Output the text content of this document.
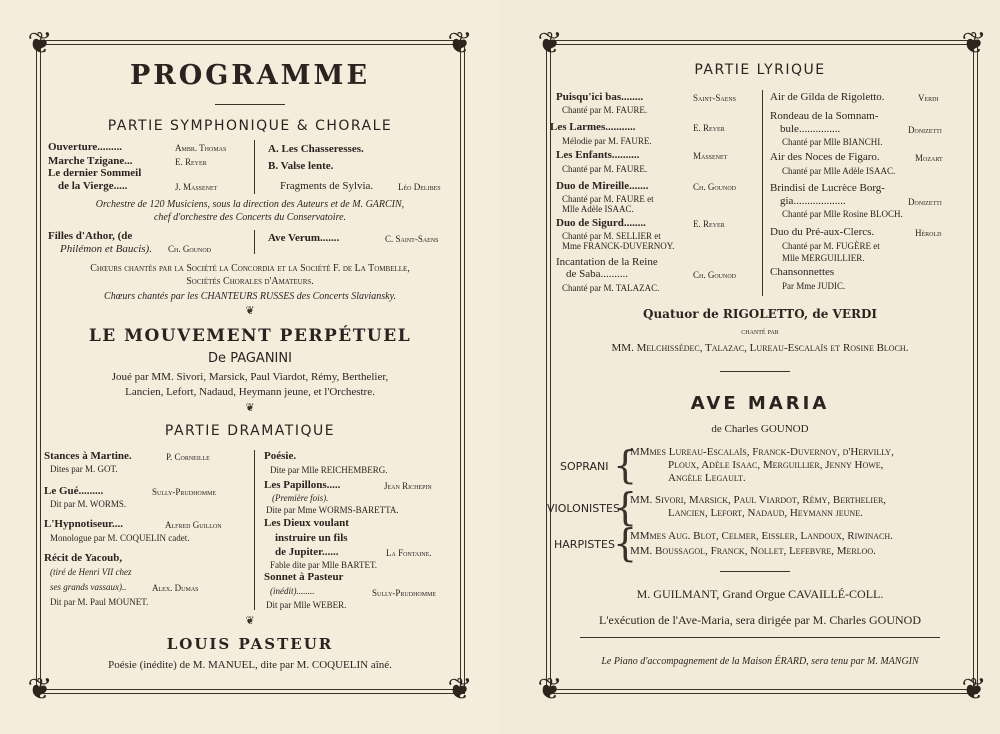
❦	❦
❦	❦
PROGRAMME
PARTIE SYMPHONIQUE & CHORALE
Ouverture.........	Ambr. Thomas
Marche Tzigane...	E. Reyer
Le dernier Sommeil
de la Vierge.....	J. Massenet
A. Les Chasseresses.
B. Valse lente.
Fragments de Sylvia.	Léo Delibes
Orchestre de 120 Musiciens, sous la direction des Auteurs et de M. GARCIN,
chef d'orchestre des Concerts du Conservatoire.
Filles d'Athor, (de
Philémon et Baucis). Ch. Gounod
Ave Verum.......	C. Saint-Saens
Chœurs chantés par la Société la Concordia et la Société F. de La Tombelle,
Sociétés Chorales d'Amateurs.
Chœurs chantés par les CHANTEURS RUSSES des Concerts Slaviansky.
❦
LE MOUVEMENT PERPÉTUEL
De PAGANINI
Joué par MM. Sivori, Marsick, Paul Viardot, Rémy, Berthelier,
Lancien, Lefort, Nadaud, Heymann jeune, et l'Orchestre.
❦
PARTIE DRAMATIQUE
Stances à Martine.	P. Corneille
Dites par M. GOT.
Le Gué.........	Sully-Prudhomme
Dit par M. WORMS.
L'Hypnotiseur....	Alfred Guillon
Monologue par M. COQUELIN cadet.
Récit de Yacoub,
(tiré de Henri VII chez
ses grands vassaux)..	Alex. Dumas
Dit par M. Paul MOUNET.
Poésie.
Dite par Mlle REICHEMBERG.
Les Papillons.....	Jean Richepin
(Première fois).
Dite par Mme WORMS-BARETTA.
Les Dieux voulant
instruire un fils
de Jupiter......	La Fontaine.
Fable dite par Mlle BARTET.
Sonnet à Pasteur
(inédit)........	Sully-Prudhomme
Dit par Mlle WEBER.
❦
LOUIS PASTEUR
Poésie (inédite) de M. MANUEL, dite par M. COQUELIN aîné.
❦	❦
❦	❦
PARTIE LYRIQUE
Puisqu'ici bas........	Saint-Saens
Chanté par M. FAURE.
Les Larmes...........	E. Reyer
Mélodie par M. FAURE.
Les Enfants..........	Massenet
Chanté par M. FAURE.
Duo de Mireille.......	Ch. Gounod
Chanté par M. FAURE et
Mlle Adèle ISAAC.
Duo de Sigurd........	E. Reyer
Chanté par M. SELLIER et
Mme FRANCK-DUVERNOY.
Incantation de la Reine
de Saba..........	Ch. Gounod
Chanté par M. TALAZAC.
Air de Gilda de Rigoletto.	Verdi
Rondeau de la Somnam-
bule...............	Donizetti
Chanté par Mlle BIANCHI.
Air des Noces de Figaro.	Mozart
Chanté par Mlle Adèle ISAAC.
Brindisi de Lucrèce Borg-
gia...................	Donizetti
Chanté par Mlle Rosine BLOCH.
Duo du Pré-aux-Clercs.	Hérold
Chanté par M. FUGÈRE et
Mlle MERGUILLIER.
Chansonnettes
Par Mme JUDIC.
Quatuor de RIGOLETTO, de VERDI
chanté par
MM. Melchissédec, Talazac, Lureau-Escalaïs et Rosine Bloch.
AVE MARIA
de Charles GOUNOD
SOPRANI {
MMmes Lureau-Escalaïs, Franck-Duvernoy, d'Hervilly,
Ploux, Adèle Isaac, Merguillier, Jenny Howe,
Angèle Legault.
VIOLONISTES
{
MM. Sivori, Marsick, Paul Viardot, Rémy, Berthelier,
Lancien, Lefort, Nadaud, Heymann jeune.
HARPISTES
{
MMmes Aug. Blot, Celmer, Eissler, Landoux, Riwinach.
MM. Boussagol, Franck, Nollet, Lefebvre, Merloo.
M. GUILMANT, Grand Orgue CAVAILLÉ-COLL.
L'exécution de l'Ave-Maria, sera dirigée par M. Charles GOUNOD
Le Piano d'accompagnement de la Maison ÉRARD, sera tenu par M. MANGIN
